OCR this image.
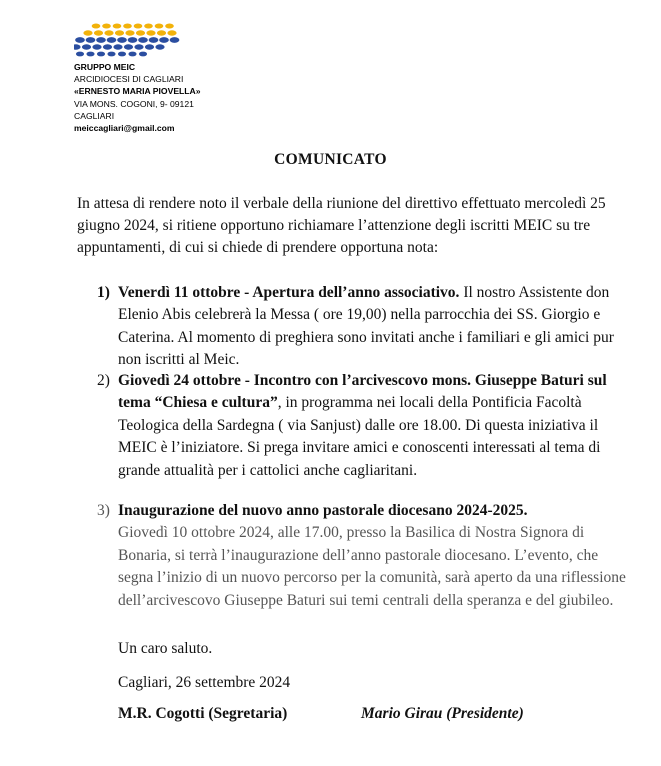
GRUPPO MEIC
ARCIDIOCESI DI CAGLIARI
«ERNESTO MARIA PIOVELLA»
VIA MONS. COGONI, 9- 09121
CAGLIARI
meiccagliari@gmail.com
COMUNICATO
In attesa di rendere noto il verbale della riunione del direttivo effettuato mercoledì 25 giugno 2024, si ritiene opportuno richiamare l’attenzione degli iscritti MEIC su tre appuntamenti, di cui si chiede di prendere opportuna nota:
1) Venerdì 11 ottobre - Apertura dell’anno associativo. Il nostro Assistente don Elenio Abis celebrerà la Messa ( ore 19,00) nella parrocchia dei SS. Giorgio e Caterina. Al momento di preghiera sono invitati anche i familiari e gli amici pur non iscritti al Meic.
2) Giovedì 24 ottobre - Incontro con l’arcivescovo mons. Giuseppe Baturi sul tema “Chiesa e cultura”, in programma nei locali della Pontificia Facoltà Teologica della Sardegna ( via Sanjust) dalle ore 18.00. Di questa iniziativa il MEIC è l’iniziatore. Si prega invitare amici e conoscenti interessati al tema di grande attualità per i cattolici anche cagliaritani.
3) Inaugurazione del nuovo anno pastorale diocesano 2024-2025.
Giovedì 10 ottobre 2024, alle 17.00, presso la Basilica di Nostra Signora di Bonaria, si terrà l’inaugurazione dell’anno pastorale diocesano. L’evento, che segna l’inizio di un nuovo percorso per la comunità, sarà aperto da una riflessione dell’arcivescovo Giuseppe Baturi sui temi centrali della speranza e del giubileo.
Un caro saluto.
Cagliari, 26 settembre 2024
M.R. Cogotti (Segretaria)	Mario Girau (Presidente)
